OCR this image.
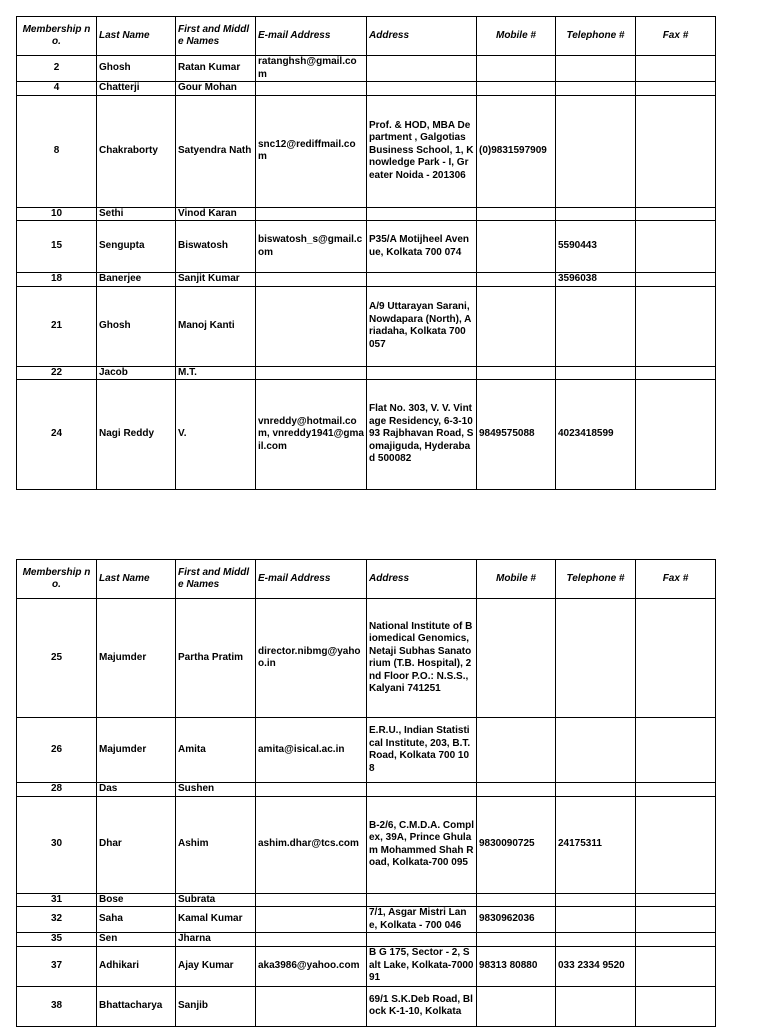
Membership no.	Last Name	First and Middle Names	E-mail Address	Address	Mobile #	Telephone #	Fax #
2	Ghosh	Ratan Kumar	ratanghsh@gmail.com				
4	Chatterji	Gour Mohan					
8	Chakraborty	Satyendra Nath	snc12@rediffmail.com	Prof. & HOD, MBA Department , Galgotias Business School, 1, Knowledge Park - I, Greater Noida - 201306	(0)9831597909		
10	Sethi	Vinod Karan					
15	Sengupta	Biswatosh	biswatosh_s@gmail.com	P35/A Motijheel Avenue, Kolkata 700 074		5590443	
18	Banerjee	Sanjit Kumar				3596038	
21	Ghosh	Manoj Kanti		A/9 Uttarayan Sarani, Nowdapara (North), Ariadaha, Kolkata 700 057			
22	Jacob	M.T.					
24	Nagi Reddy	V.	vnreddy@hotmail.com, vnreddy1941@gmail.com	Flat No. 303, V. V. Vintage Residency, 6-3-1093 Rajbhavan Road, Somajiguda, Hyderabad 500082	9849575088	4023418599	
Membership no.	Last Name	First and Middle Names	E-mail Address	Address	Mobile #	Telephone #	Fax #
25	Majumder	Partha Pratim	director.nibmg@yahoo.in	National Institute of Biomedical Genomics, Netaji Subhas Sanatorium (T.B. Hospital), 2nd Floor P.O.: N.S.S., Kalyani 741251			
26	Majumder	Amita	amita@isical.ac.in	E.R.U., Indian Statistical Institute, 203, B.T. Road, Kolkata 700 108			
28	Das	Sushen					
30	Dhar	Ashim	ashim.dhar@tcs.com	B-2/6, C.M.D.A. Complex, 39A, Prince Ghulam Mohammed Shah Road, Kolkata-700 095	9830090725	24175311	
31	Bose	Subrata					
32	Saha	Kamal Kumar		7/1, Asgar Mistri Lane, Kolkata - 700 046	9830962036		
35	Sen	Jharna					
37	Adhikari	Ajay Kumar	aka3986@yahoo.com	B G 175, Sector - 2, Salt Lake, Kolkata-700091	98313 80880	033 2334 9520	
38	Bhattacharya	Sanjib		69/1 S.K.Deb Road, Block K-1-10, Kolkata			
